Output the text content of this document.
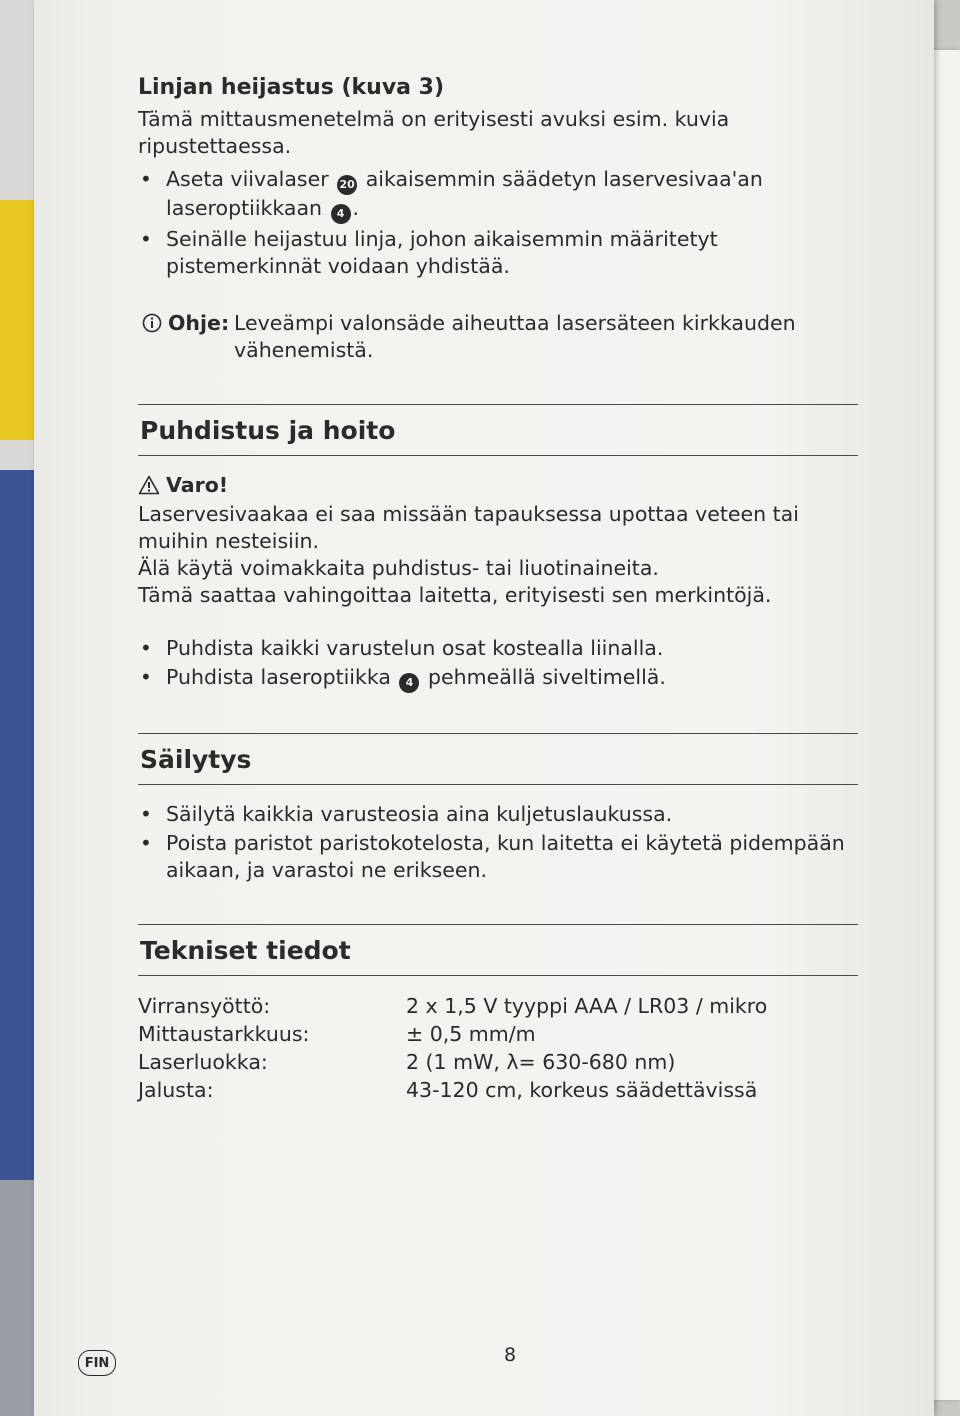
Linjan heijastus (kuva 3)

Tämä mittausmenetelmä on erityisesti avuksi esim. kuvia ripustettaessa.

• Aseta viivalaser 20 aikaisemmin säädetyn laservesivaa'an laseroptiikkaan 4 .
• Seinälle heijastuu linja, johon aikaisemmin määritetyt pistemerkinnät voidaan yhdistää.
Ohje: Leveämpi valonsäde aiheuttaa lasersäteen kirkkauden vähenemistä.
Puhdistus ja hoito
Varo!

Laservesivaakaa ei saa missään tapauksessa upottaa veteen tai muihin nesteisiin.

Älä käytä voimakkaita puhdistus- tai liuotinaineita.

Tämä saattaa vahingoittaa laitetta, erityisesti sen merkintöjä.

• Puhdista kaikki varustelun osat kostealla liinalla.
• Puhdista laseroptiikka 4 pehmeällä siveltimellä.
Säilytys
• Säilytä kaikkia varusteosia aina kuljetuslaukussa.
• Poista paristot paristokotelosta, kun laitetta ei käytetä pidempään aikaan, ja varastoi ne erikseen.
Tekniset tiedot
Virransyöttö:	2 x 1,5 V tyyppi AAA / LR03 / mikro
Mittaustarkkuus:	± 0,5 mm/m
Laserluokka:	2 (1 mW, λ= 630-680 nm)
Jalusta:	43-120 cm, korkeus säädettävissä
FIN	8
